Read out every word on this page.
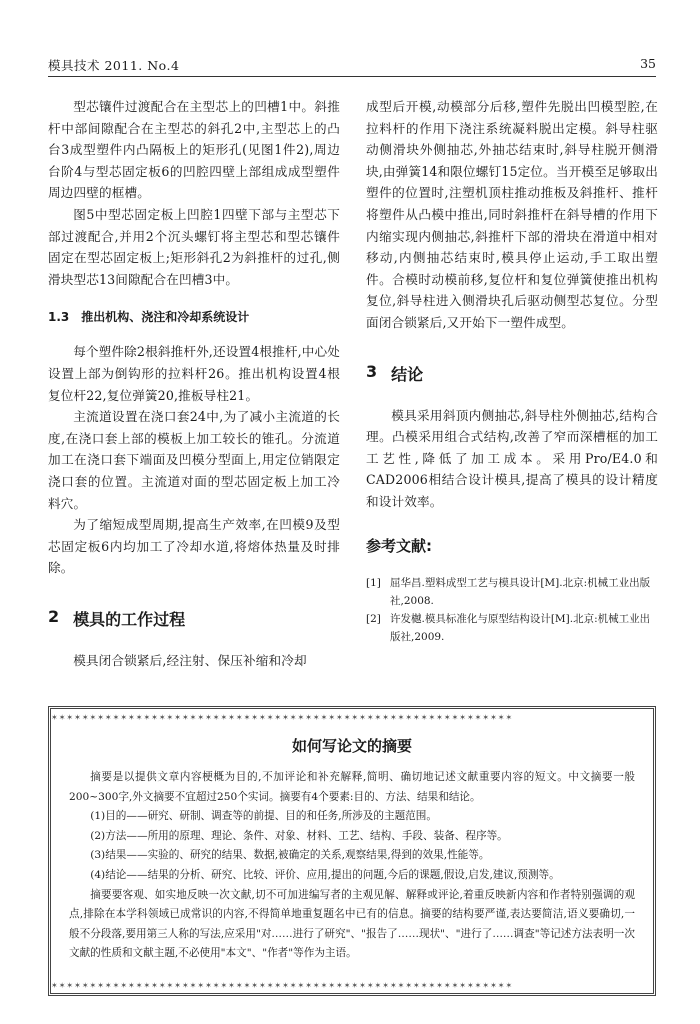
模具技术 2011. No.4	35

型芯镶件过渡配合在主型芯上的凹槽1中。斜推杆中部间隙配合在主型芯的斜孔2中,主型芯上的凸台3成型塑件内凸隔板上的矩形孔(见图1件2),周边台阶4与型芯固定板6的凹腔四壁上部组成成型塑件周边四壁的框槽。

图5中型芯固定板上凹腔1四壁下部与主型芯下部过渡配合,并用2个沉头螺钉将主型芯和型芯镶件固定在型芯固定板上;矩形斜孔2为斜推杆的过孔,侧滑块型芯13间隙配合在凹槽3中。

1.3　推出机构、浇注和冷却系统设计

每个塑件除2根斜推杆外,还设置4根推杆,中心处设置上部为倒钩形的拉料杆26。推出机构设置4根复位杆22,复位弹簧20,推板导柱21。

主流道设置在浇口套24中,为了减小主流道的长度,在浇口套上部的模板上加工较长的锥孔。分流道加工在浇口套下端面及凹模分型面上,用定位销限定浇口套的位置。主流道对面的型芯固定板上加工冷料穴。

为了缩短成型周期,提高生产效率,在凹模9及型芯固定板6内均加工了冷却水道,将熔体热量及时排除。

2 模具的工作过程

模具闭合锁紧后,经注射、保压补缩和冷却

成型后开模,动模部分后移,塑件先脱出凹模型腔,在拉料杆的作用下浇注系统凝料脱出定模。斜导柱驱动侧滑块外侧抽芯,外抽芯结束时,斜导柱脱开侧滑块,由弹簧14和限位螺钉15定位。当开模至足够取出塑件的位置时,注塑机顶柱推动推板及斜推杆、推杆将塑件从凸模中推出,同时斜推杆在斜导槽的作用下内缩实现内侧抽芯,斜推杆下部的滑块在滑道中相对移动,内侧抽芯结束时,模具停止运动,手工取出塑件。合模时动模前移,复位杆和复位弹簧使推出机构复位,斜导柱进入侧滑块孔后驱动侧型芯复位。分型面闭合锁紧后,又开始下一塑件成型。

3 结论

模具采用斜顶内侧抽芯,斜导柱外侧抽芯,结构合理。凸模采用组合式结构,改善了窄而深槽框的加工工艺性,降低了加工成本。采用Pro/E4.0和CAD2006相结合设计模具,提高了模具的设计精度和设计效率。

参考文献:
[1] 屈华昌.塑料成型工艺与模具设计[M].北京:机械工业出版社,2008.
[2] 许发樾.模具标准化与原型结构设计[M].北京:机械工业出版社,2009.
✶✶✶✶✶✶✶✶✶✶✶✶✶✶✶✶✶✶✶✶✶✶✶✶✶✶✶✶✶✶✶✶✶✶✶✶✶✶✶✶✶✶✶✶✶✶✶✶✶✶✶✶✶✶✶✶✶✶✶✶
如何写论文的摘要

摘要是以提供文章内容梗概为目的,不加评论和补充解释,简明、确切地记述文献重要内容的短文。中文摘要一般200~300字,外文摘要不宜超过250个实词。摘要有4个要素:目的、方法、结果和结论。

(1)目的——研究、研制、调查等的前提、目的和任务,所涉及的主题范围。

(2)方法——所用的原理、理论、条件、对象、材料、工艺、结构、手段、装备、程序等。

(3)结果——实验的、研究的结果、数据,被确定的关系,观察结果,得到的效果,性能等。

(4)结论——结果的分析、研究、比较、评价、应用,提出的问题,今后的课题,假设,启发,建议,预测等。

摘要要客观、如实地反映一次文献,切不可加进编写者的主观见解、解释或评论,着重反映新内容和作者特别强调的观点,排除在本学科领域已成常识的内容,不得简单地重复题名中已有的信息。摘要的结构要严谨,表达要简洁,语义要确切,一般不分段落,要用第三人称的写法,应采用"对……进行了研究"、"报告了……现状"、"进行了……调查"等记述方法表明一次文献的性质和文献主题,不必使用"本文"、"作者"等作为主语。

✶✶✶✶✶✶✶✶✶✶✶✶✶✶✶✶✶✶✶✶✶✶✶✶✶✶✶✶✶✶✶✶✶✶✶✶✶✶✶✶✶✶✶✶✶✶✶✶✶✶✶✶✶✶✶✶✶✶✶✶
